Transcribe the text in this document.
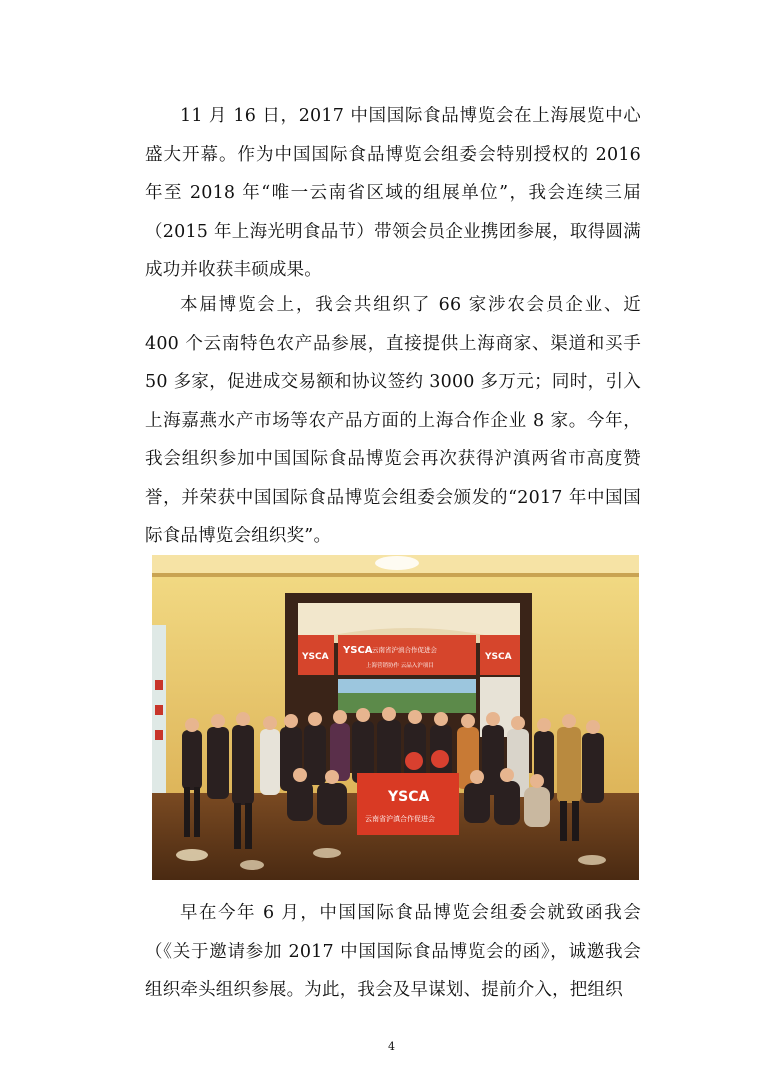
11 月 16 日，2017 中国国际食品博览会在上海展览中心盛大开幕。作为中国国际食品博览会组委会特别授权的 2016 年至 2018 年“唯一云南省区域的组展单位”，我会连续三届（2015 年上海光明食品节）带领会员企业携团参展，取得圆满成功并收获丰硕成果。

本届博览会上，我会共组织了 66 家涉农会员企业、近 400 个云南特色农产品参展，直接提供上海商家、渠道和买手 50 多家，促进成交易额和协议签约 3000 多万元；同时，引入上海嘉燕水产市场等农产品方面的上海合作企业 8 家。今年，我会组织参加中国国际食品博览会再次获得沪滇两省市高度赞誉，并荣获中国国际食品博览会组委会颁发的“2017 年中国国际食品博览会组织奖”。

YSCA
YSCA 云南省沪滇合作促进会
上海营销协作 云品入沪项目
YSCA
YSCA
云南省沪滇合作促进会

早在今年 6 月，中国国际食品博览会组委会就致函我会（《关于邀请参加 2017 中国国际食品博览会的函》，诚邀我会组织牵头组织参展。为此，我会及早谋划、提前介入，把组织

4
